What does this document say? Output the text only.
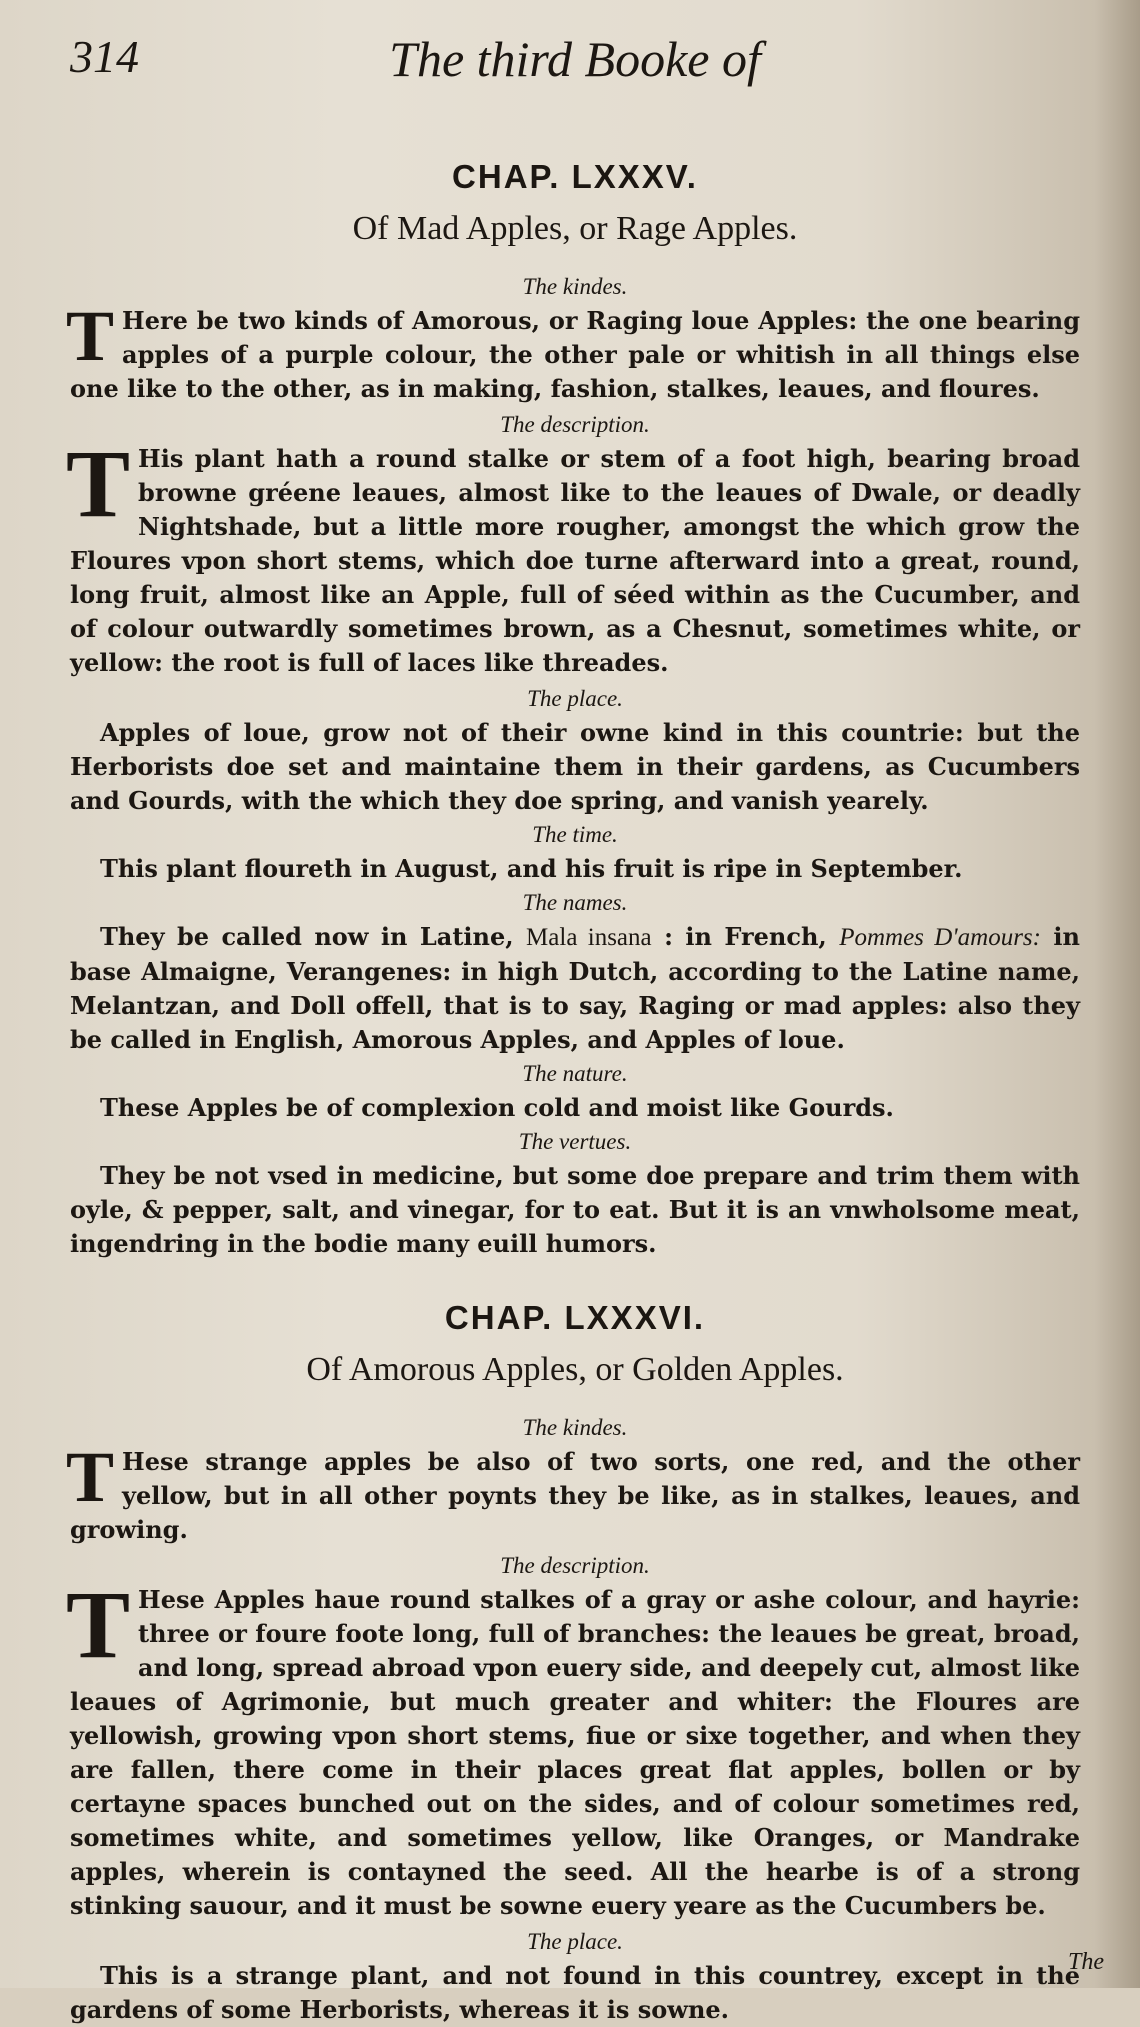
314	The third Booke of
CHAP. LXXXV.
Of Mad Apples, or Rage Apples.
The kindes.
T Here be two kinds of Amorous, or Raging loue Apples: the one bearing apples of a purple colour, the other pale or whitish in all things else one like to the other, as in making, fashion, stalkes, leaues, and floures.
The description.
T His plant hath a round stalke or stem of a foot high, bearing broad browne gréene leaues, almost like to the leaues of Dwale, or deadly Nightshade, but a little more rougher, amongst the which grow the Floures vpon short stems, which doe turne afterward into a great, round, long fruit, almost like an Apple, full of séed within as the Cucumber, and of colour outwardly sometimes brown, as a Chesnut, sometimes white, or yellow: the root is full of laces like threades.
The place.
Apples of loue, grow not of their owne kind in this countrie: but the Herborists doe set and maintaine them in their gardens, as Cucumbers and Gourds, with the which they doe spring, and vanish yearely.
The time.
This plant floureth in August, and his fruit is ripe in September.
The names.
They be called now in Latine, Mala insana : in French, Pommes D'amours: in base Almaigne, Verangenes: in high Dutch, according to the Latine name, Melantzan, and Doll offell, that is to say, Raging or mad apples: also they be called in English, Amorous Apples, and Apples of loue.
The nature.
These Apples be of complexion cold and moist like Gourds.
The vertues.
They be not vsed in medicine, but some doe prepare and trim them with oyle, & pepper, salt, and vinegar, for to eat. But it is an vnwholsome meat, ingendring in the bodie many euill humors.
CHAP. LXXXVI.
Of Amorous Apples, or Golden Apples.
The kindes.
T Hese strange apples be also of two sorts, one red, and the other yellow, but in all other poynts they be like, as in stalkes, leaues, and growing.
The description.
T Hese Apples haue round stalkes of a gray or ashe colour, and hayrie: three or foure foote long, full of branches: the leaues be great, broad, and long, spread abroad vpon euery side, and deepely cut, almost like leaues of Agrimonie, but much greater and whiter: the Floures are yellowish, growing vpon short stems, fiue or sixe together, and when they are fallen, there come in their places great flat apples, bollen or by certayne spaces bunched out on the sides, and of colour sometimes red, sometimes white, and sometimes yellow, like Oranges, or Mandrake apples, wherein is contayned the seed. All the hearbe is of a strong stinking sauour, and it must be sowne euery yeare as the Cucumbers be.
The place.
This is a strange plant, and not found in this countrey, except in the gardens of some Herborists, whereas it is sowne.
The
